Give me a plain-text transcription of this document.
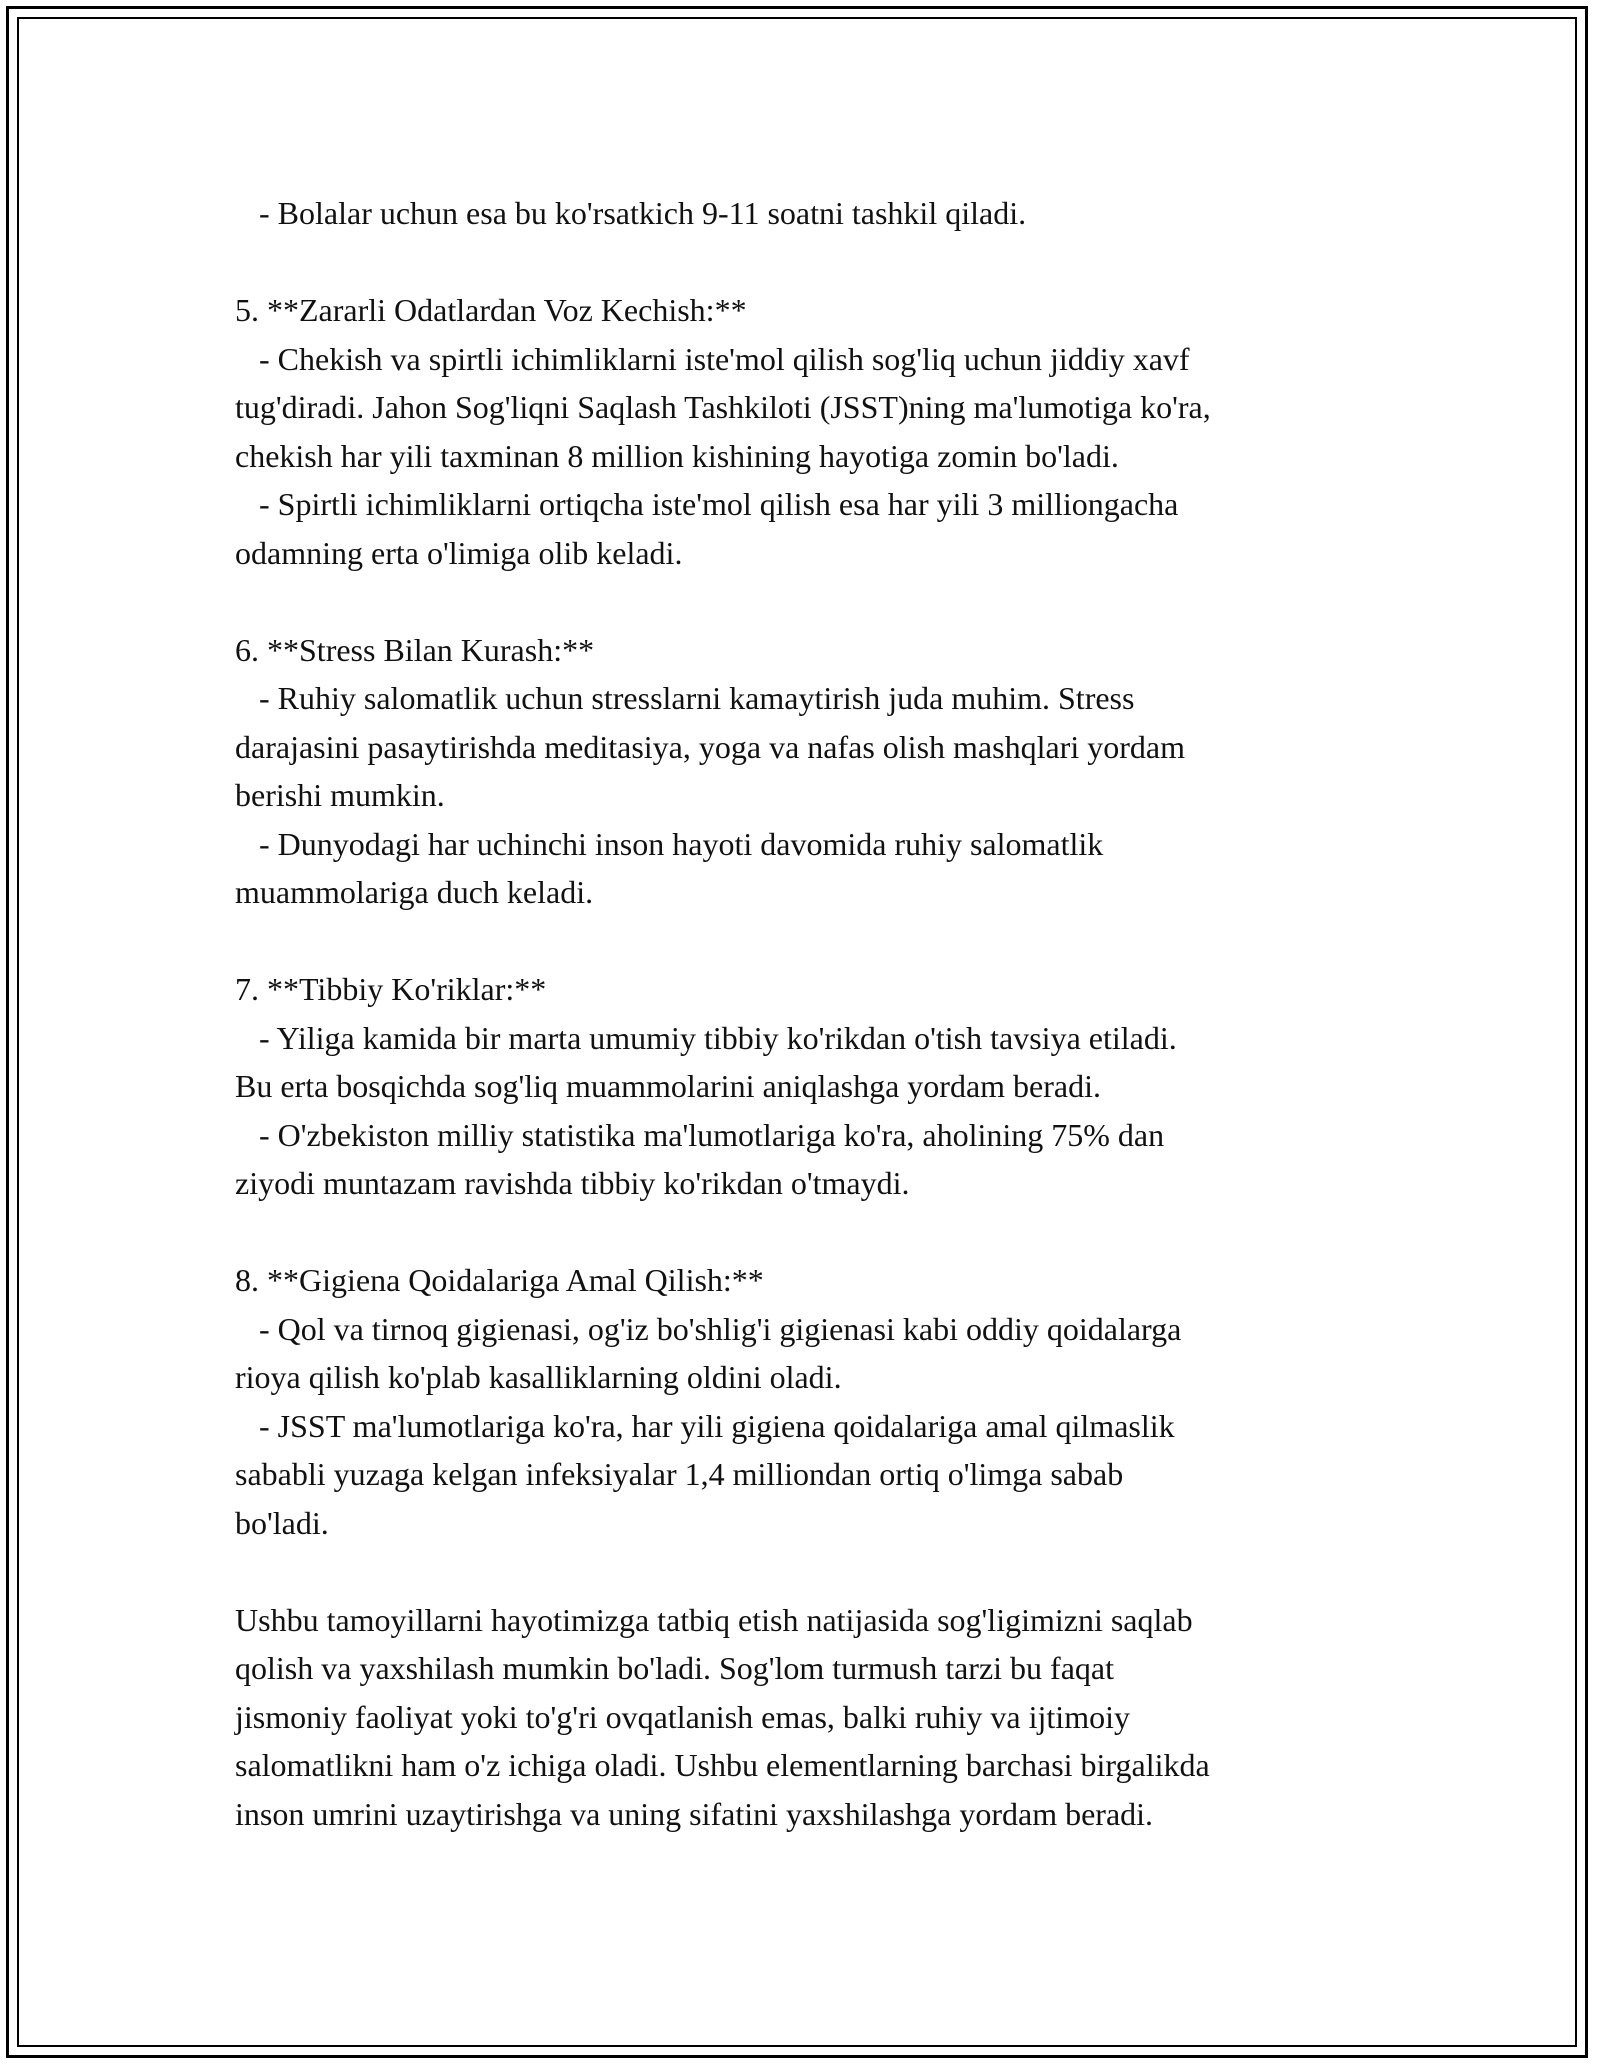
- Bolalar uchun esa bu ko'rsatkich 9-11 soatni tashkil qiladi.
5. **Zararli Odatlardan Voz Kechish:**
- Chekish va spirtli ichimliklarni iste'mol qilish sog'liq uchun jiddiy xavf
tug'diradi. Jahon Sog'liqni Saqlash Tashkiloti (JSST)ning ma'lumotiga ko'ra,
chekish har yili taxminan 8 million kishining hayotiga zomin bo'ladi.
- Spirtli ichimliklarni ortiqcha iste'mol qilish esa har yili 3 milliongacha
odamning erta o'limiga olib keladi.
6. **Stress Bilan Kurash:**
- Ruhiy salomatlik uchun stresslarni kamaytirish juda muhim. Stress
darajasini pasaytirishda meditasiya, yoga va nafas olish mashqlari yordam
berishi mumkin.
- Dunyodagi har uchinchi inson hayoti davomida ruhiy salomatlik
muammolariga duch keladi.
7. **Tibbiy Ko'riklar:**
- Yiliga kamida bir marta umumiy tibbiy ko'rikdan o'tish tavsiya etiladi.
Bu erta bosqichda sog'liq muammolarini aniqlashga yordam beradi.
- O'zbekiston milliy statistika ma'lumotlariga ko'ra, aholining 75% dan
ziyodi muntazam ravishda tibbiy ko'rikdan o'tmaydi.
8. **Gigiena Qoidalariga Amal Qilish:**
- Qol va tirnoq gigienasi, og'iz bo'shlig'i gigienasi kabi oddiy qoidalarga
rioya qilish ko'plab kasalliklarning oldini oladi.
- JSST ma'lumotlariga ko'ra, har yili gigiena qoidalariga amal qilmaslik
sababli yuzaga kelgan infeksiyalar 1,4 milliondan ortiq o'limga sabab
bo'ladi.
Ushbu tamoyillarni hayotimizga tatbiq etish natijasida sog'ligimizni saqlab
qolish va yaxshilash mumkin bo'ladi. Sog'lom turmush tarzi bu faqat
jismoniy faoliyat yoki to'g'ri ovqatlanish emas, balki ruhiy va ijtimoiy
salomatlikni ham o'z ichiga oladi. Ushbu elementlarning barchasi birgalikda
inson umrini uzaytirishga va uning sifatini yaxshilashga yordam beradi.
